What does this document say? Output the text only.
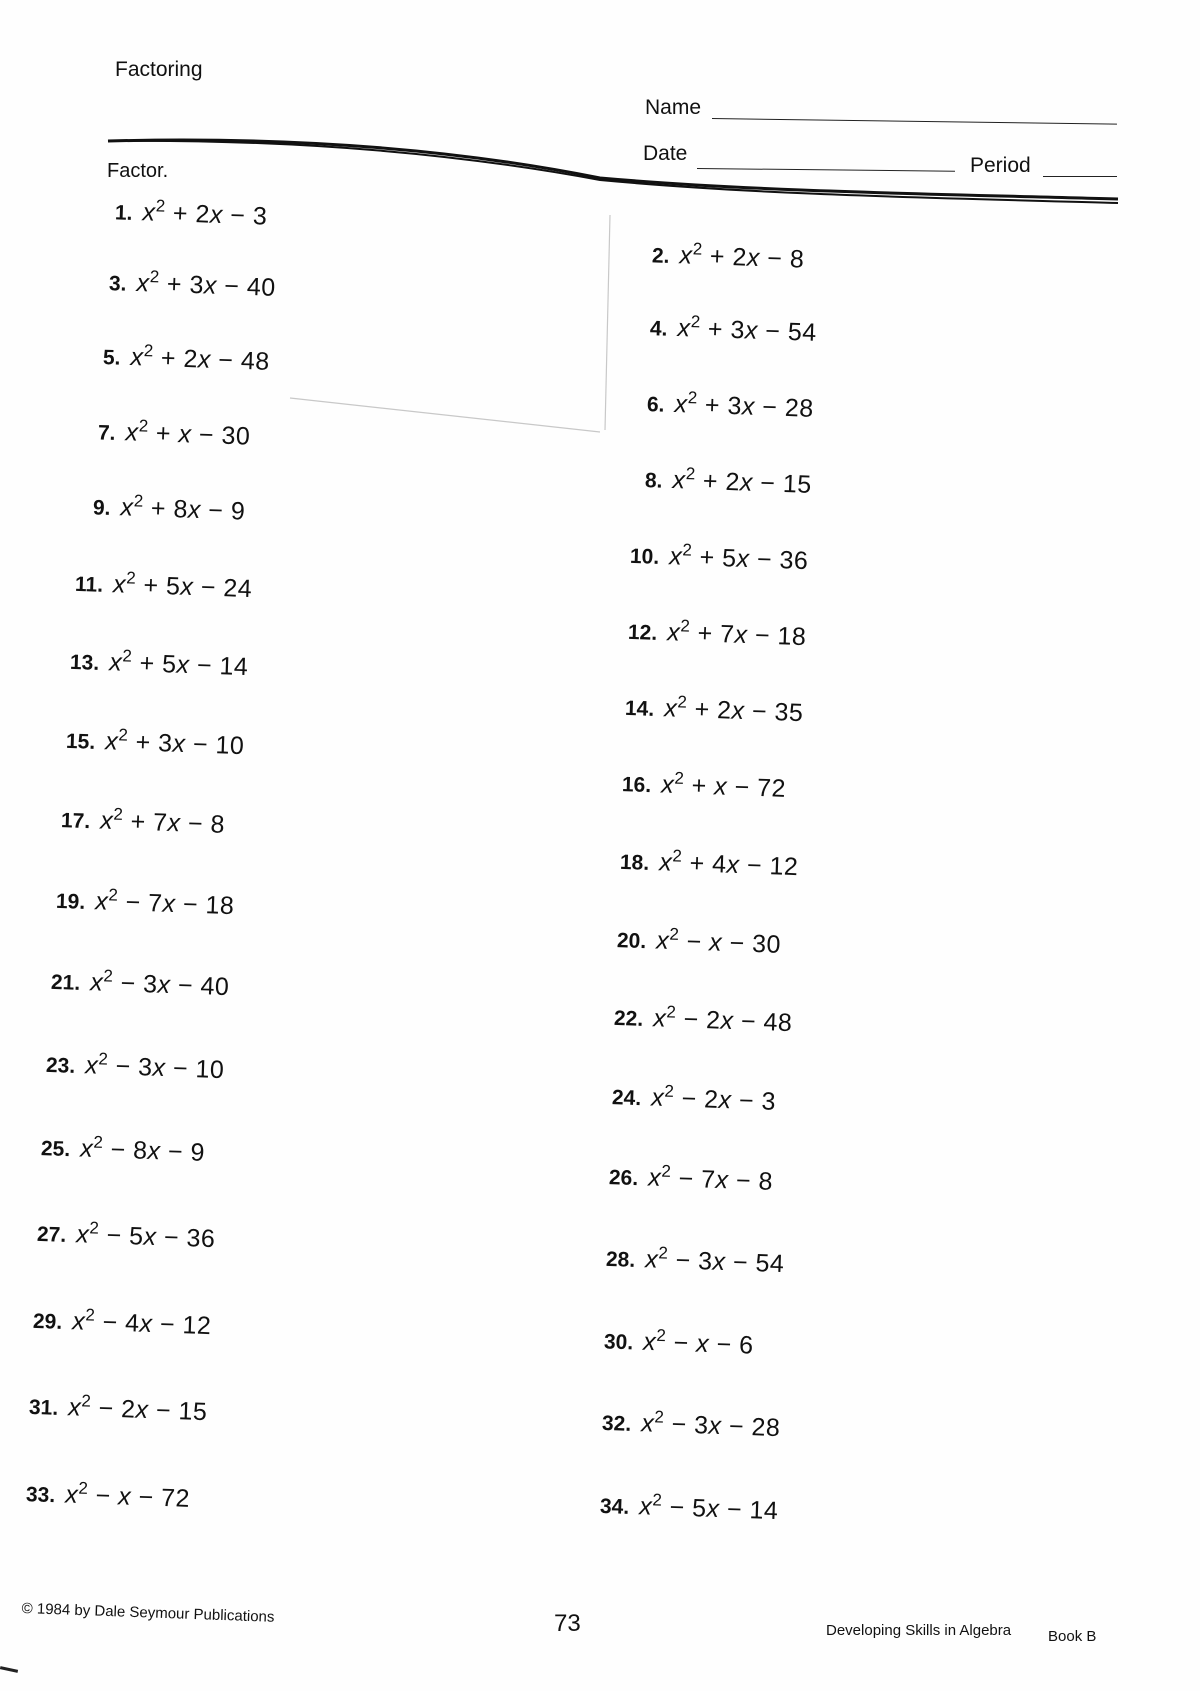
Factoring
Name
Date
Period
Factor.
1. $x^2 + 2x - 3$
3. $x^2 + 3x - 40$
5. $x^2 + 2x - 48$
7. $x^2 + x - 30$
9. $x^2 + 8x - 9$
11. $x^2 + 5x - 24$
13. $x^2 + 5x - 14$
15. $x^2 + 3x - 10$
17. $x^2 + 7x - 8$
19. $x^2 - 7x - 18$
21. $x^2 - 3x - 40$
23. $x^2 - 3x - 10$
25. $x^2 - 8x - 9$
27. $x^2 - 5x - 36$
29. $x^2 - 4x - 12$
31. $x^2 - 2x - 15$
33. $x^2 - x - 72$
2. $x^2 + 2x - 8$
4. $x^2 + 3x - 54$
6. $x^2 + 3x - 28$
8. $x^2 + 2x - 15$
10. $x^2 + 5x - 36$
12. $x^2 + 7x - 18$
14. $x^2 + 2x - 35$
16. $x^2 + x - 72$
18. $x^2 + 4x - 12$
20. $x^2 - x - 30$
22. $x^2 - 2x - 48$
24. $x^2 - 2x - 3$
26. $x^2 - 7x - 8$
28. $x^2 - 3x - 54$
30. $x^2 - x - 6$
32. $x^2 - 3x - 28$
34. $x^2 - 5x - 14$
© 1984 by Dale Seymour Publications	73	Developing Skills in Algebra Book B
